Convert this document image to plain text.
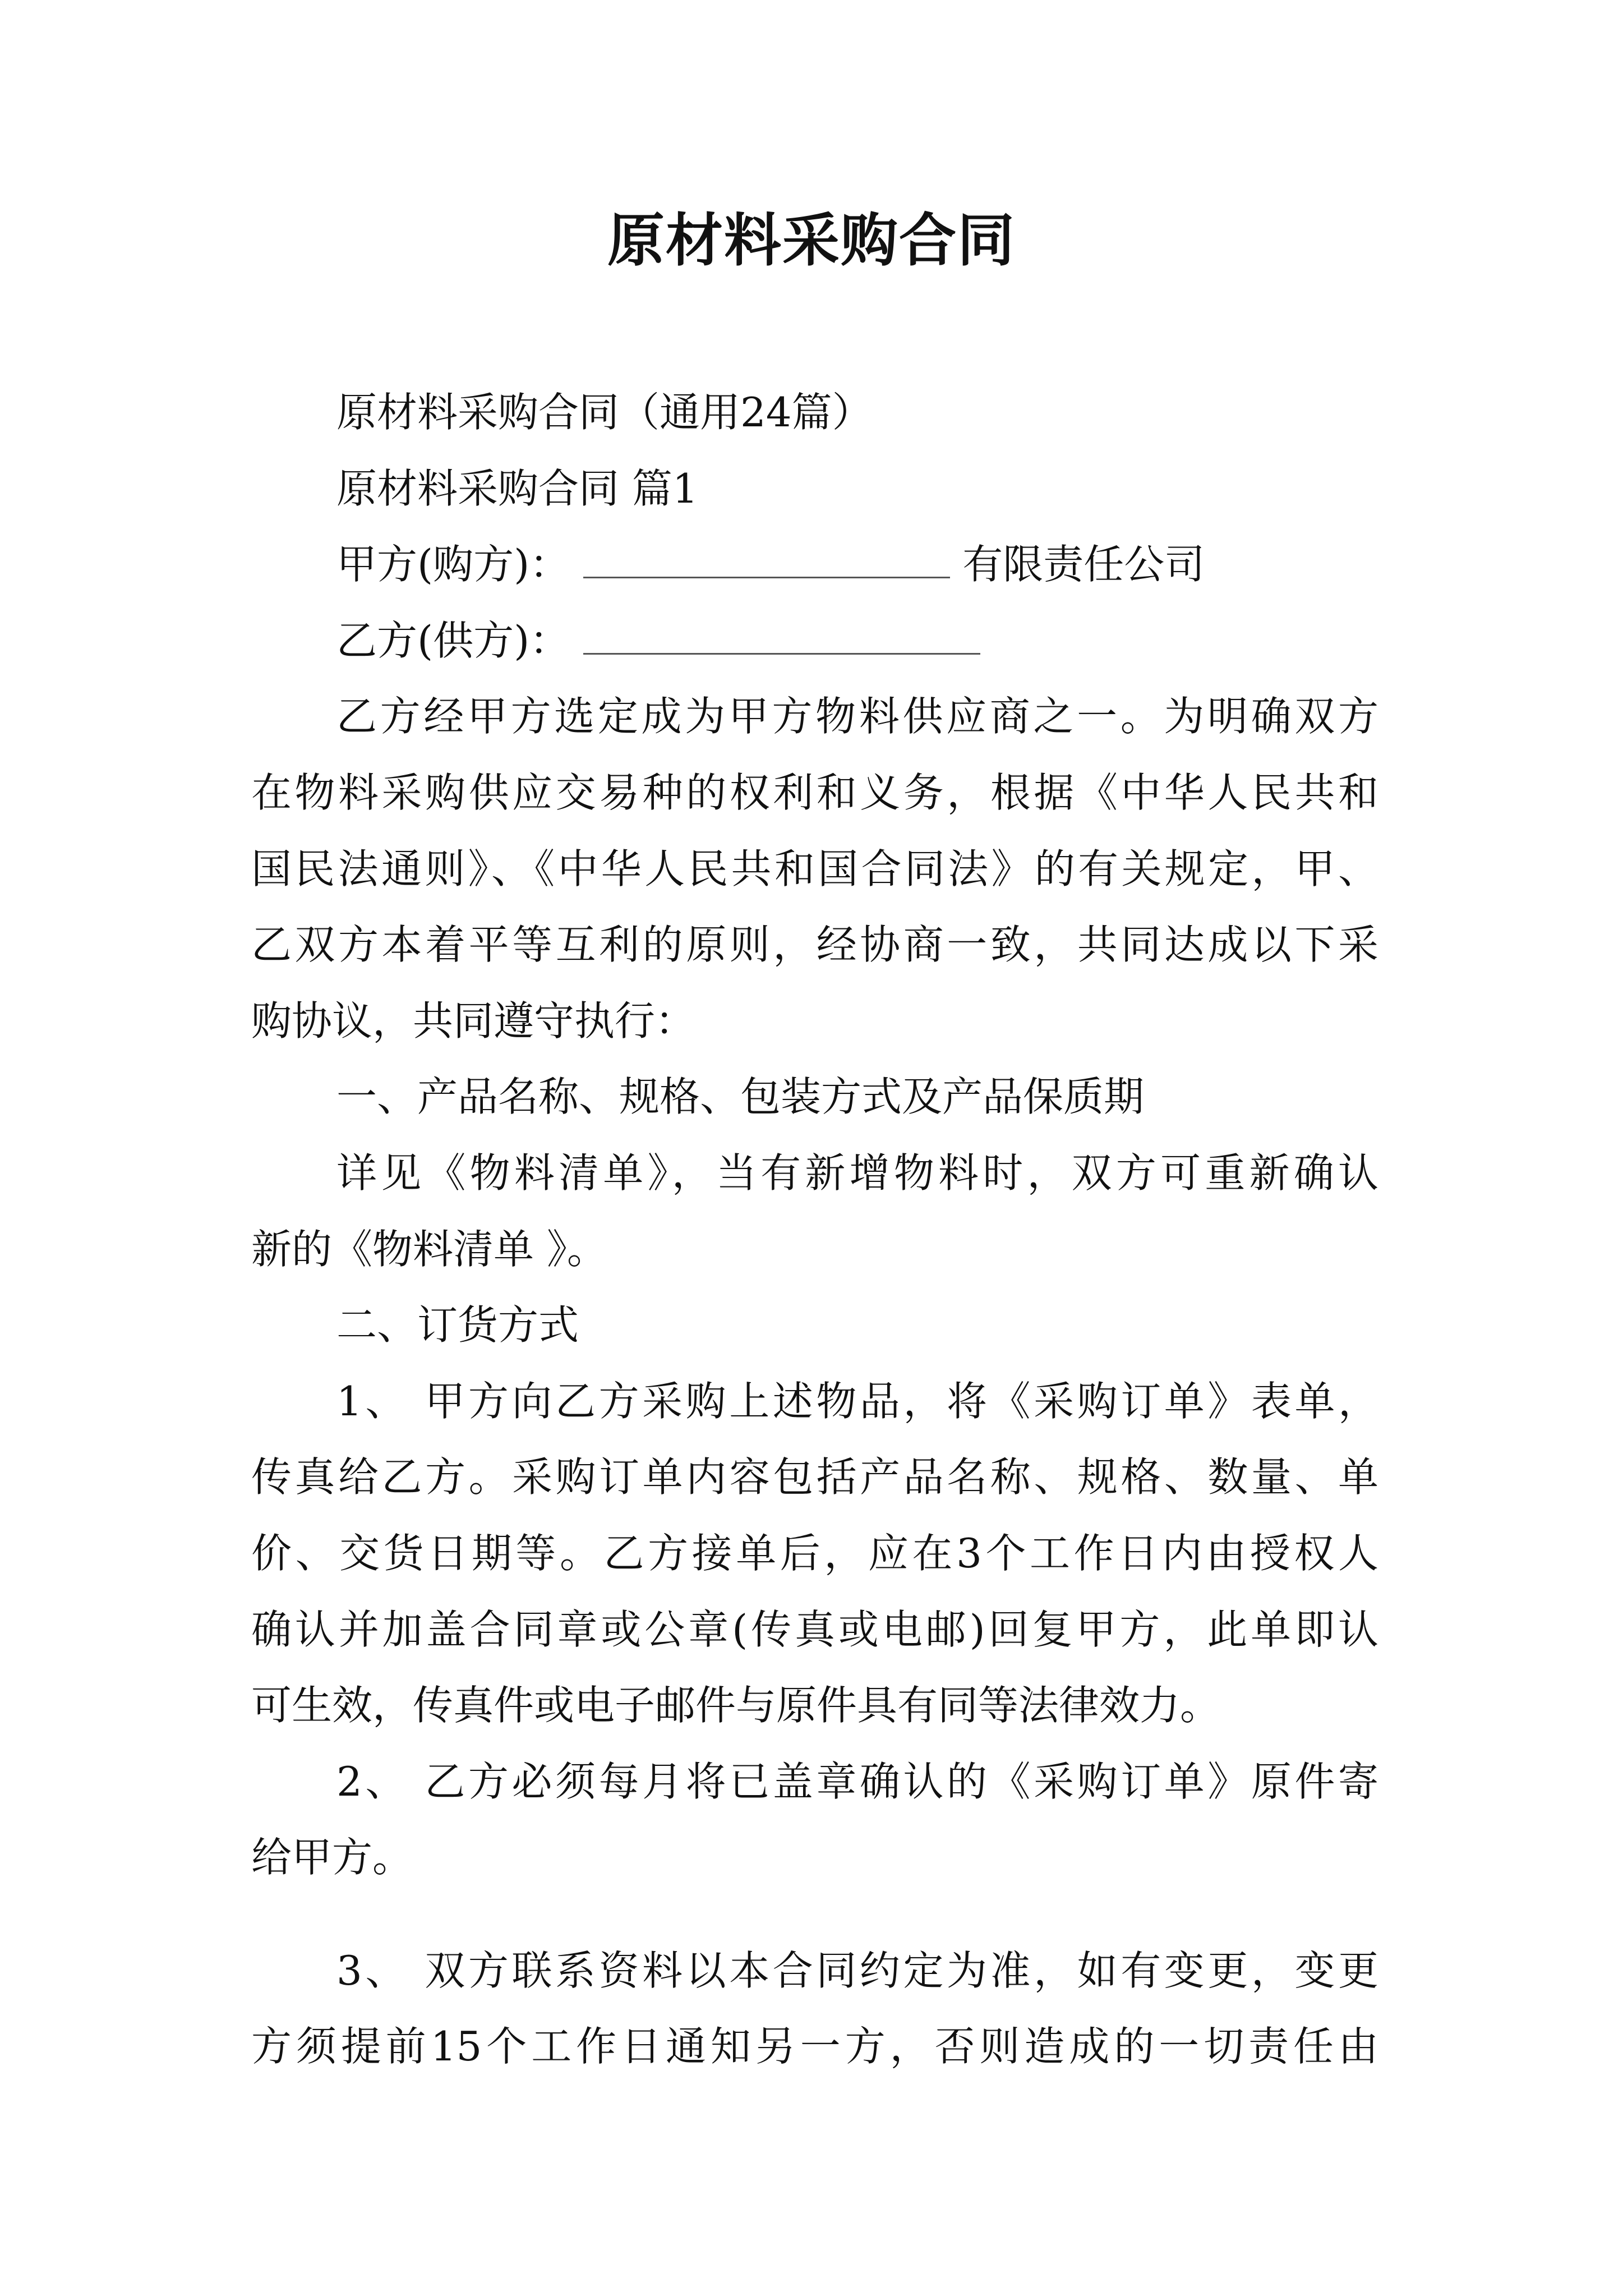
原材料采购合同
原材料采购合同（通用24篇）
原材料采购合同 篇1
甲方(购方)：	有限责任公司
乙方(供方)：
乙方经甲方选定成为甲方物料供应商之一。为明确双方
在物料采购供应交易种的权利和义务，根据《中华人民共和
国民法通则》、《中华人民共和国合同法》的有关规定，甲、
乙双方本着平等互利的原则，经协商一致，共同达成以下采
购协议，共同遵守执行：
一、产品名称、规格、包装方式及产品保质期
详见《物料清单》，当有新增物料时，双方可重新确认
新的《物料清单 》。
二、订货方式
1、 甲方向乙方采购上述物品，将《采购订单》表单，
传真给乙方。采购订单内容包括产品名称、规格、数量、单
价、交货日期等。乙方接单后，应在3个工作日内由授权人
确认并加盖合同章或公章(传真或电邮)回复甲方，此单即认
可生效，传真件或电子邮件与原件具有同等法律效力。
2、 乙方必须每月将已盖章确认的《采购订单》原件寄
给甲方。
3、 双方联系资料以本合同约定为准，如有变更，变更
方须提前15个工作日通知另一方，否则造成的一切责任由
